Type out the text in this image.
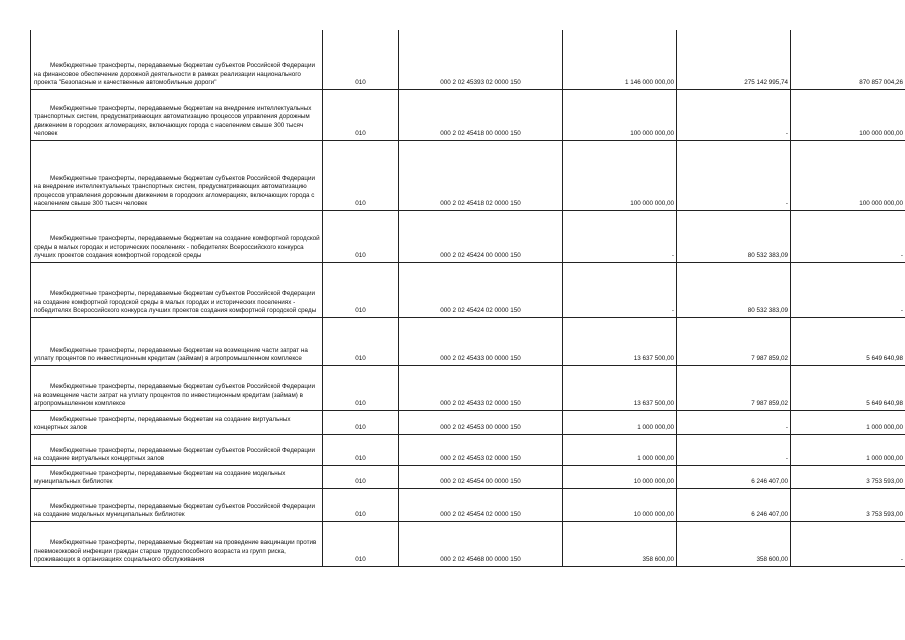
Межбюджетные трансферты, передаваемые бюджетам субъектов Российской Федерации на финансовое обеспечение дорожной деятельности в рамках реализации национального проекта "Безопасные и качественные автомобильные дороги"	010	000 2 02 45393 02 0000 150	1 146 000 000,00	275 142 995,74	870 857 004,26

Межбюджетные трансферты, передаваемые бюджетам на внедрение интеллектуальных транспортных систем, предусматривающих автоматизацию процессов управления дорожным движением в городских агломерациях, включающих города с населением свыше 300 тысяч человек	010	000 2 02 45418 00 0000 150	100 000 000,00	-	100 000 000,00

Межбюджетные трансферты, передаваемые бюджетам субъектов Российской Федерации на внедрение интеллектуальных транспортных систем, предусматривающих автоматизацию процессов управления дорожным движением в городских агломерациях, включающих города с населением свыше 300 тысяч человек	010	000 2 02 45418 02 0000 150	100 000 000,00	-	100 000 000,00

Межбюджетные трансферты, передаваемые бюджетам на создание комфортной городской среды в малых городах и исторических поселениях - победителях Всероссийского конкурса лучших проектов создания комфортной городской среды	010	000 2 02 45424 00 0000 150	-	80 532 383,09	-

Межбюджетные трансферты, передаваемые бюджетам субъектов Российской Федерации на создание комфортной городской среды в малых городах и исторических поселениях - победителях Всероссийского конкурса лучших проектов создания комфортной городской среды	010	000 2 02 45424 02 0000 150	-	80 532 383,09	-

Межбюджетные трансферты, передаваемые бюджетам на возмещение части затрат на уплату процентов по инвестиционным кредитам (займам) в агропромышленном комплексе	010	000 2 02 45433 00 0000 150	13 637 500,00	7 987 859,02	5 649 640,98

Межбюджетные трансферты, передаваемые бюджетам субъектов Российской Федерации на возмещение части затрат на уплату процентов по инвестиционным кредитам (займам) в агропромышленном комплексе	010	000 2 02 45433 02 0000 150	13 637 500,00	7 987 859,02	5 649 640,98

Межбюджетные трансферты, передаваемые бюджетам на создание виртуальных концертных залов	010	000 2 02 45453 00 0000 150	1 000 000,00	-	1 000 000,00

Межбюджетные трансферты, передаваемые бюджетам субъектов Российской Федерации на создание виртуальных концертных залов	010	000 2 02 45453 02 0000 150	1 000 000,00	-	1 000 000,00

Межбюджетные трансферты, передаваемые бюджетам на создание модельных муниципальных библиотек	010	000 2 02 45454 00 0000 150	10 000 000,00	6 246 407,00	3 753 593,00

Межбюджетные трансферты, передаваемые бюджетам субъектов Российской Федерации на создание модельных муниципальных библиотек	010	000 2 02 45454 02 0000 150	10 000 000,00	6 246 407,00	3 753 593,00

Межбюджетные трансферты, передаваемые бюджетам на проведение вакцинации против пневмококковой инфекции граждан старше трудоспособного возраста из групп риска, проживающих в организациях социального обслуживания	010	000 2 02 45468 00 0000 150	358 600,00	358 600,00	-
